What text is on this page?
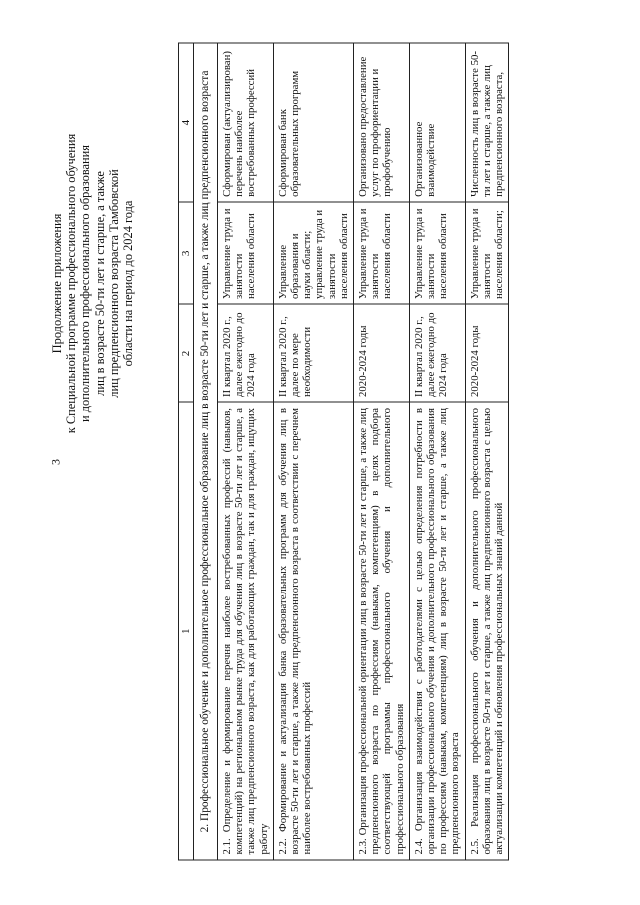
3
Продолжение приложения к Специальной программе профессионального обучения и дополнительного профессионального образования лиц в возрасте 50-ти лет и старше, а также лиц предпенсионного возраста Тамбовской области на период до 2024 года
1	2	3	4
2. Профессиональное обучение и дополнительное профессиональное образование лиц в возрасте 50-ти лет и старше, а также лиц предпенсионного возраста			
2.1. Определение и формирование перечня наиболее востребованных профессий (навыков, компетенций) на региональном рынке труда для обучения лиц в возрасте 50-ти лет и старше, а также лиц предпенсионного возраста, как для работающих граждан, так и для граждан, ищущих работу	II квартал 2020 г., далее ежегодно до 2024 года	Управление труда и занятости населения области	Сформирован (актуализирован) перечень наиболее востребованных профессий
2.2. Формирование и актуализация банка образовательных программ для обучения лиц в возрасте 50-ти лет и старше, а также лиц предпенсионного возраста в соответствии с перечнем наиболее востребованных профессий	II квартал 2020 г., далее по мере необходимости	Управление образования и науки области; управление труда и занятости населения области	Сформирован банк образовательных программ
2.3. Организация профессиональной ориентации лиц в возрасте 50-ти лет и старше, а также лиц предпенсионного возраста по профессиям (навыкам, компетенциям) в целях подбора соответствующей программы профессионального обучения и дополнительного профессионального образования	2020-2024 годы	Управление труда и занятости населения области	Организовано предоставление услуг по профориентации и профобучению
2.4. Организация взаимодействия с работодателями с целью определения потребности в организации профессионального обучения и дополнительного профессионального образования по профессиям (навыкам, компетенциям) лиц в возрасте 50-ти лет и старше, а также лиц предпенсионного возраста	II квартал 2020 г., далее ежегодно до 2024 года	Управление труда и занятости населения области	Организованное взаимодействие
2.5. Реализация профессионального обучения и дополнительного профессионального образования лиц в возрасте 50-ти лет и старше, а также лиц предпенсионного возраста с целью актуализации компетенций и обновления профессиональных знаний данной	2020-2024 годы	Управление труда и занятости населения области;	Численность лиц в возрасте 50-ти лет и старше, а также лиц предпенсионного возраста,
